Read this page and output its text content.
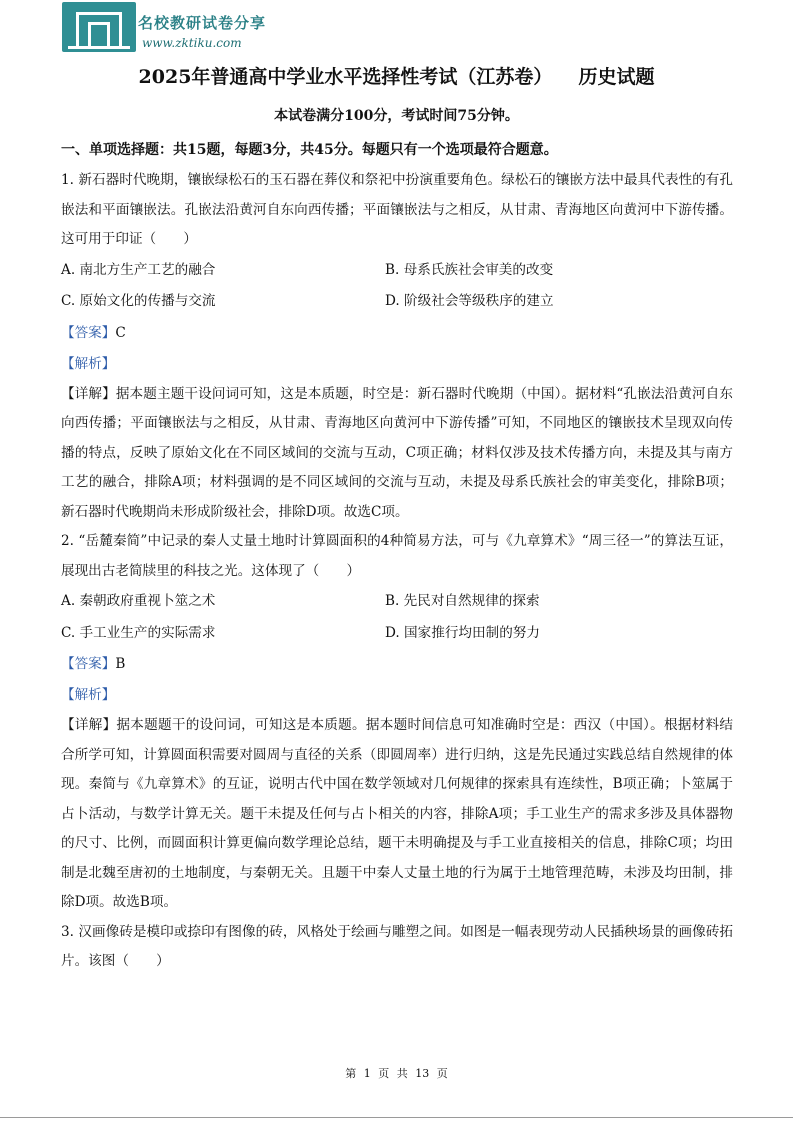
名校教研试卷分享
www.zktiku.com
2025年普通高中学业水平选择性考试（江苏卷） 历史试题
本试卷满分100分，考试时间75分钟。
一、单项选择题：共15题，每题3分，共45分。每题只有一个选项最符合题意。

1. 新石器时代晚期，镶嵌绿松石的玉石器在葬仪和祭祀中扮演重要角色。绿松石的镶嵌方法中最具代表性的有孔嵌法和平面镶嵌法。孔嵌法沿黄河自东向西传播；平面镶嵌法与之相反，从甘肃、青海地区向黄河中下游传播。这可用于印证（　　）

A. 南北方生产工艺的融合	B. 母系氏族社会审美的改变
C. 原始文化的传播与交流	D. 阶级社会等级秩序的建立
【答案】C
【解析】

【详解】据本题主题干设问词可知，这是本质题，时空是：新石器时代晚期（中国）。据材料“孔嵌法沿黄河自东向西传播；平面镶嵌法与之相反，从甘肃、青海地区向黄河中下游传播”可知，不同地区的镶嵌技术呈现双向传播的特点，反映了原始文化在不同区域间的交流与互动，C项正确；材料仅涉及技术传播方向，未提及其与南方工艺的融合，排除A项；材料强调的是不同区域间的交流与互动，未提及母系氏族社会的审美变化，排除B项；新石器时代晚期尚未形成阶级社会，排除D项。故选C项。

2. “岳麓秦简”中记录的秦人丈量土地时计算圆面积的4种简易方法，可与《九章算术》“周三径一”的算法互证，展现出古老简牍里的科技之光。这体现了（　　）

A. 秦朝政府重视卜筮之术	B. 先民对自然规律的探索
C. 手工业生产的实际需求	D. 国家推行均田制的努力
【答案】B
【解析】

【详解】据本题题干的设问词，可知这是本质题。据本题时间信息可知准确时空是：西汉（中国）。根据材料结合所学可知，计算圆面积需要对圆周与直径的关系（即圆周率）进行归纳，这是先民通过实践总结自然规律的体现。秦简与《九章算术》的互证，说明古代中国在数学领域对几何规律的探索具有连续性，B项正确；卜筮属于占卜活动，与数学计算无关。题干未提及任何与占卜相关的内容，排除A项；手工业生产的需求多涉及具体器物的尺寸、比例，而圆面积计算更偏向数学理论总结，题干未明确提及与手工业直接相关的信息，排除C项；均田制是北魏至唐初的土地制度，与秦朝无关。且题干中秦人丈量土地的行为属于土地管理范畴，未涉及均田制，排除D项。故选B项。

3. 汉画像砖是模印或捺印有图像的砖，风格处于绘画与雕塑之间。如图是一幅表现劳动人民插秧场景的画像砖拓片。该图（　　）

第 1 页 共 13 页
